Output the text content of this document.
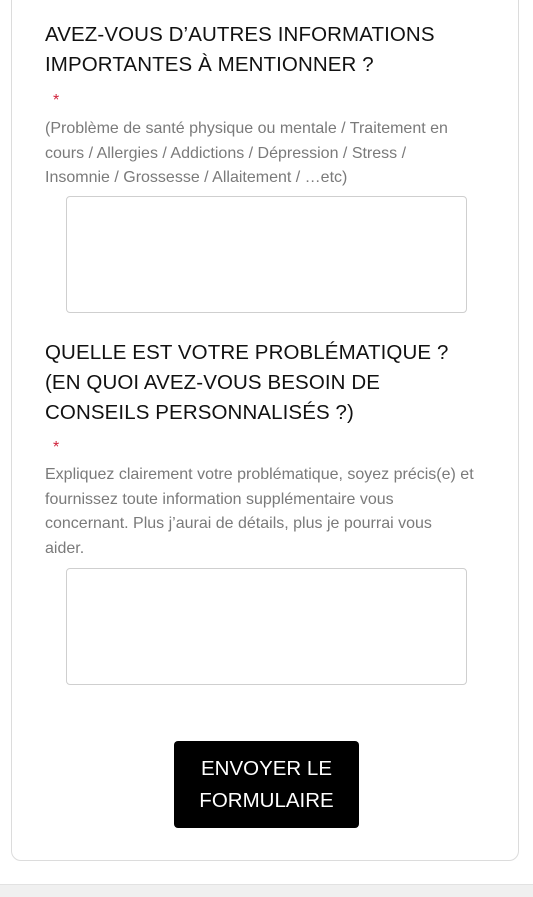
AVEZ-VOUS D’AUTRES INFORMATIONS
IMPORTANTES À MENTIONNER ?
*

(Problème de santé physique ou mentale / Traitement en cours / Allergies / Addictions / Dépression / Stress / Insomnie / Grossesse / Allaitement / …etc)

QUELLE EST VOTRE PROBLÉMATIQUE ?
(EN QUOI AVEZ-VOUS BESOIN DE
CONSEILS PERSONNALISÉS ?)
*

Expliquez clairement votre problématique, soyez précis(e) et fournissez toute information supplémentaire vous concernant. Plus j’aurai de détails, plus je pourrai vous aider.

ENVOYER LE
FORMULAIRE
